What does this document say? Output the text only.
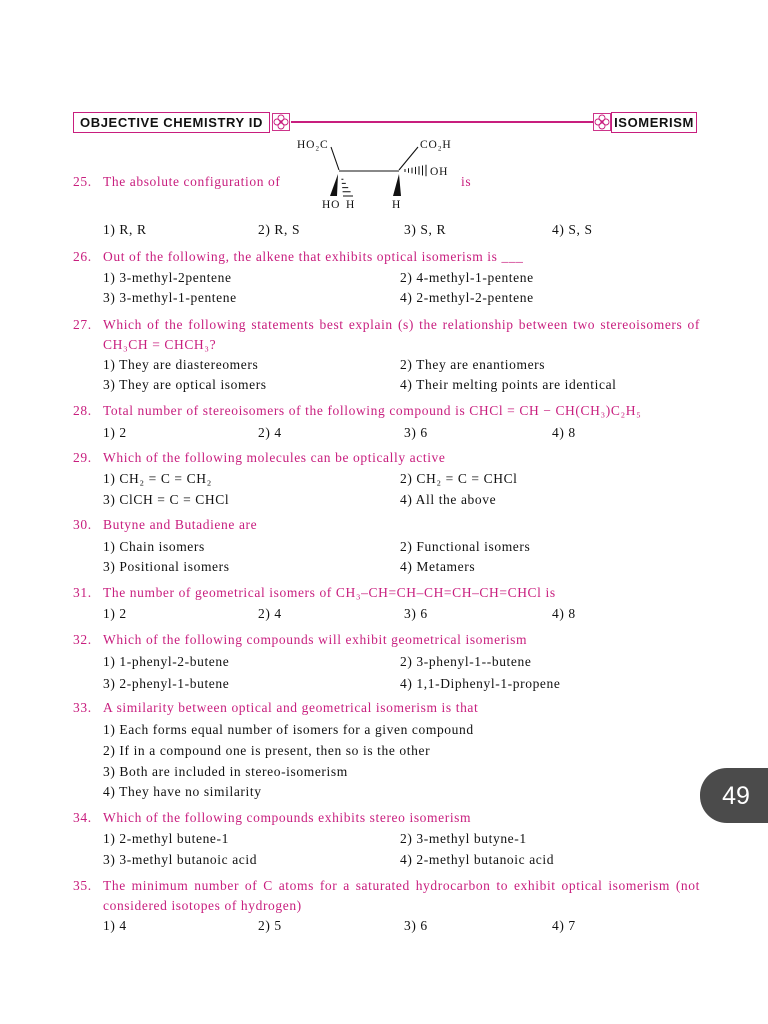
OBJECTIVE CHEMISTRY ID	ISOMERISM
25. The absolute configuration of
HO₂C	CO₂H
OH
HO H	H
is
1) R, R	2) R, S	3) S, R	4) S, S
26. Out of the following, the alkene that exhibits optical isomerism is ___
1) 3-methyl-2pentene	2) 4-methyl-1-pentene
3) 3-methyl-1-pentene	4) 2-methyl-2-pentene
27. Which of the following statements best explain (s) the relationship between two stereoisomers of CH₃CH = CHCH₃?
1) They are diastereomers	2) They are enantiomers
3) They are optical isomers	4) Their melting points are identical
28. Total number of stereoisomers of the following compound is CHCl = CH − CH(CH₃)C₂H₅
1) 2	2) 4	3) 6	4) 8
29. Which of the following molecules can be optically active
1) CH₂ = C = CH₂	2) CH₂ = C = CHCl
3) ClCH = C = CHCl	4) All the above
30. Butyne and Butadiene are
1) Chain isomers	2) Functional isomers
3) Positional isomers	4) Metamers
31. The number of geometrical isomers of CH₃–CH=CH–CH=CH–CH=CHCl is
1) 2	2) 4	3) 6	4) 8
32. Which of the following compounds will exhibit geometrical isomerism
1) 1-phenyl-2-butene	2) 3-phenyl-1--butene
3) 2-phenyl-1-butene	4) 1,1-Diphenyl-1-propene
33. A similarity between optical and geometrical isomerism is that
1) Each forms equal number of isomers for a given compound
2) If in a compound one is present, then so is the other
3) Both are included in stereo-isomerism
4) They have no similarity
34. Which of the following compounds exhibits stereo isomerism
1) 2-methyl butene-1	2) 3-methyl butyne-1
3) 3-methyl butanoic acid	4) 2-methyl butanoic acid
35. The minimum number of C atoms for a saturated hydrocarbon to exhibit optical isomerism (not considered isotopes of hydrogen)
1) 4	2) 5	3) 6	4) 7
49
